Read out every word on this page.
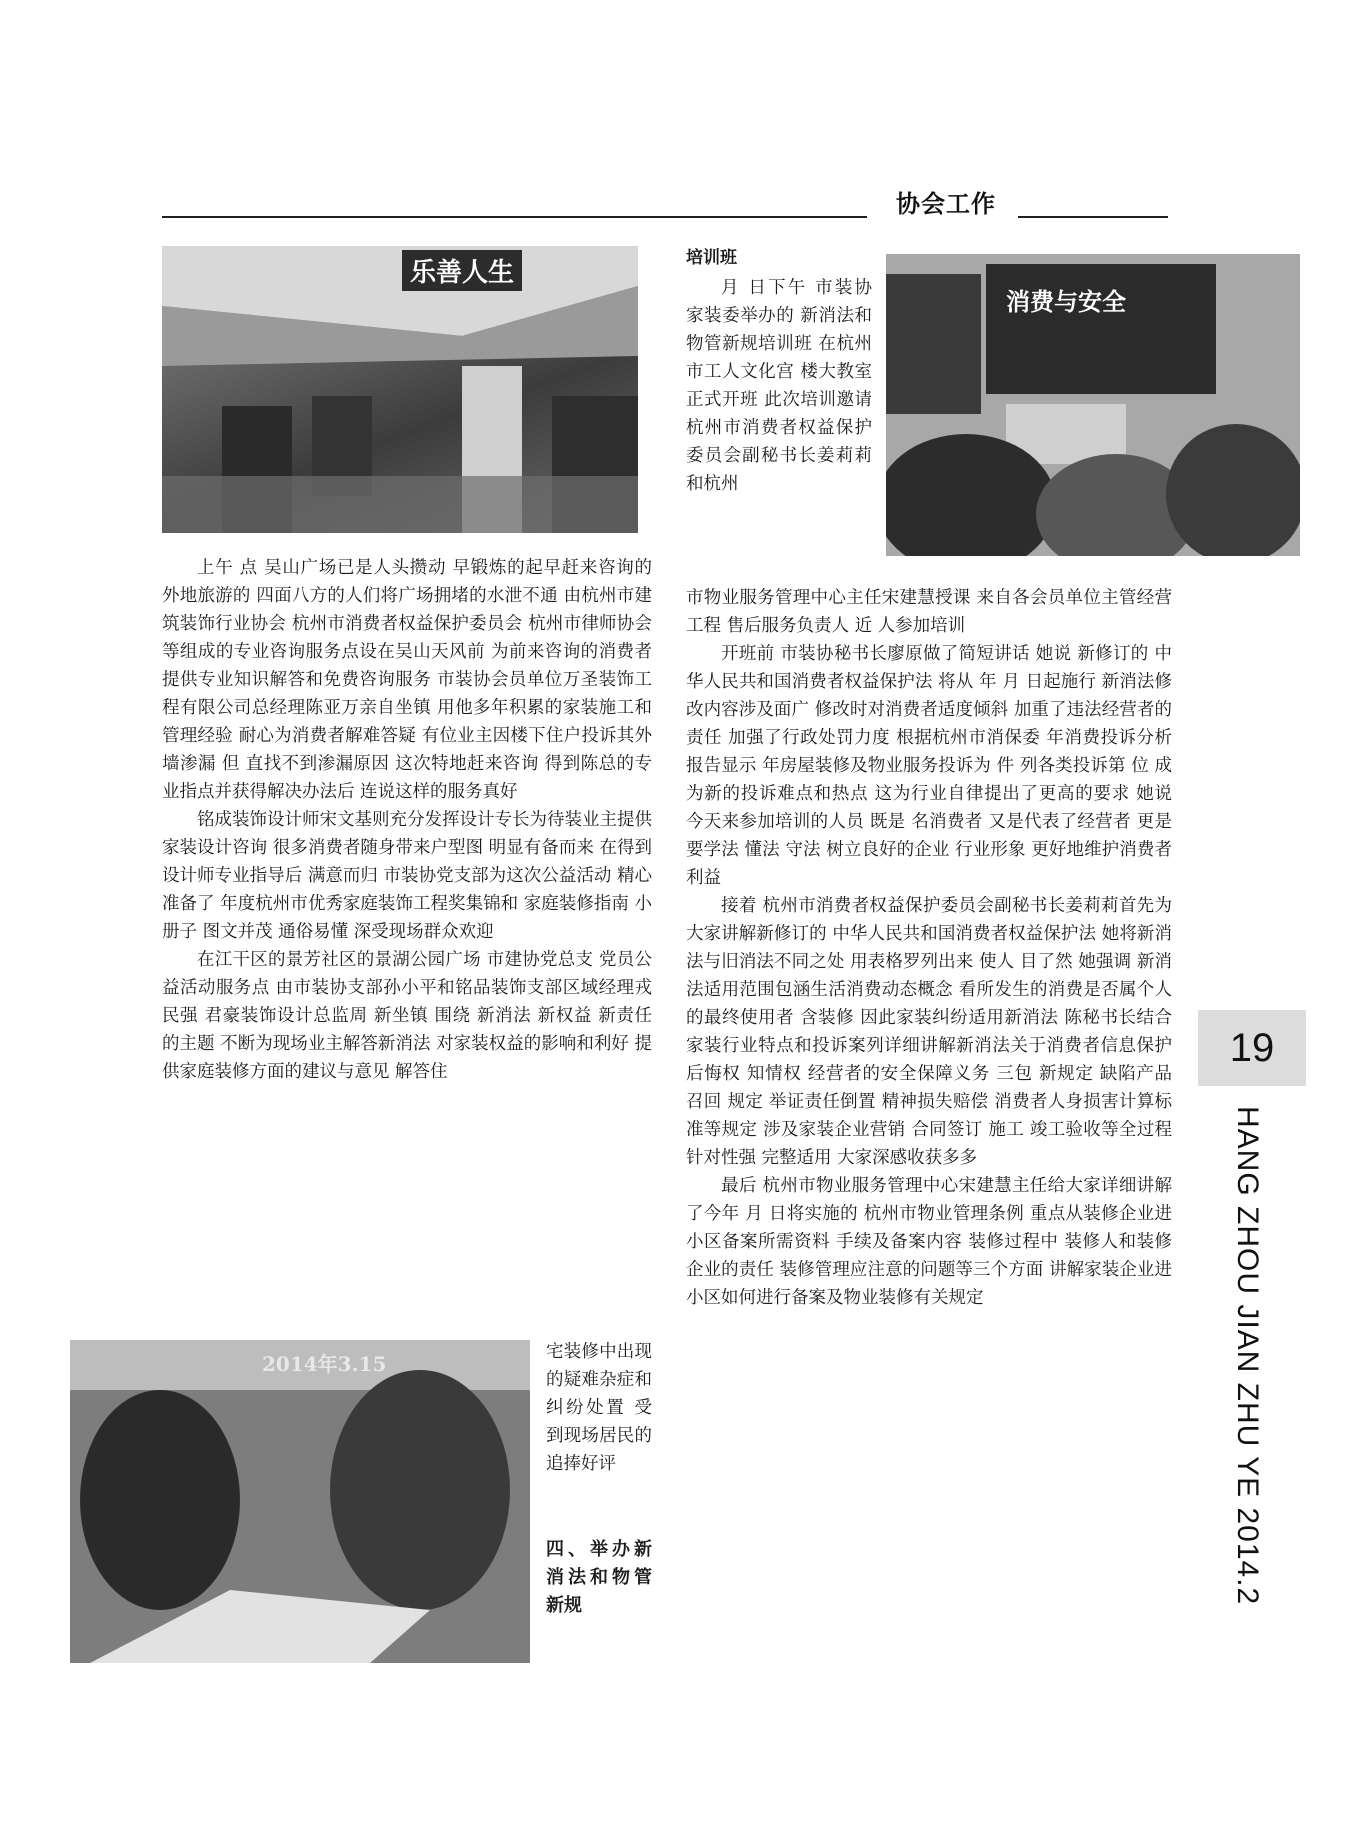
协会工作
乐善人生
消费与安全
2014年3.15

上午 点 吴山广场已是人头攒动 早锻炼的起早赶来咨询的 外地旅游的 四面八方的人们将广场拥堵的水泄不通 由杭州市建筑装饰行业协会 杭州市消费者权益保护委员会 杭州市律师协会等组成的专业咨询服务点设在吴山天风前 为前来咨询的消费者提供专业知识解答和免费咨询服务 市装协会员单位万圣装饰工程有限公司总经理陈亚万亲自坐镇 用他多年积累的家装施工和管理经验 耐心为消费者解难答疑 有位业主因楼下住户投诉其外墙渗漏 但 直找不到渗漏原因 这次特地赶来咨询 得到陈总的专业指点并获得解决办法后 连说这样的服务真好

铭成装饰设计师宋文基则充分发挥设计专长为待装业主提供家装设计咨询 很多消费者随身带来户型图 明显有备而来 在得到设计师专业指导后 满意而归 市装协党支部为这次公益活动 精心准备了 年度杭州市优秀家庭装饰工程奖集锦和 家庭装修指南 小册子 图文并茂 通俗易懂 深受现场群众欢迎

在江干区的景芳社区的景湖公园广场 市建协党总支 党员公益活动服务点 由市装协支部孙小平和铭品装饰支部区域经理戎民强 君豪装饰设计总监周 新坐镇 围绕 新消法 新权益 新责任 的主题 不断为现场业主解答新消法 对家装权益的影响和利好 提供家庭装修方面的建议与意见 解答住

宅装修中出现的疑难杂症和纠纷处置 受到现场居民的追捧好评

四、举办新消法和物管新规
培训班

月 日下午 市装协家装委举办的 新消法和物管新规培训班 在杭州市工人文化宫 楼大教室正式开班 此次培训邀请杭州市消费者权益保护委员会副秘书长姜莉莉和杭州

市物业服务管理中心主任宋建慧授课 来自各会员单位主管经营 工程 售后服务负责人 近 人参加培训

开班前 市装协秘书长廖原做了简短讲话 她说 新修订的 中华人民共和国消费者权益保护法 将从 年 月 日起施行 新消法修改内容涉及面广 修改时对消费者适度倾斜 加重了违法经营者的责任 加强了行政处罚力度 根据杭州市消保委 年消费投诉分析报告显示 年房屋装修及物业服务投诉为 件 列各类投诉第 位 成为新的投诉难点和热点 这为行业自律提出了更高的要求 她说 今天来参加培训的人员 既是 名消费者 又是代表了经营者 更是要学法 懂法 守法 树立良好的企业 行业形象 更好地维护消费者利益

接着 杭州市消费者权益保护委员会副秘书长姜莉莉首先为大家讲解新修订的 中华人民共和国消费者权益保护法 她将新消法与旧消法不同之处 用表格罗列出来 使人 目了然 她强调 新消法适用范围包涵生活消费动态概念 看所发生的消费是否属个人的最终使用者 含装修 因此家装纠纷适用新消法 陈秘书长结合家装行业特点和投诉案列详细讲解新消法关于消费者信息保护 后悔权 知情权 经营者的安全保障义务 三包 新规定 缺陷产品 召回 规定 举证责任倒置 精神损失赔偿 消费者人身损害计算标准等规定 涉及家装企业营销 合同签订 施工 竣工验收等全过程 针对性强 完整适用 大家深感收获多多

最后 杭州市物业服务管理中心宋建慧主任给大家详细讲解了今年 月 日将实施的 杭州市物业管理条例 重点从装修企业进小区备案所需资料 手续及备案内容 装修过程中 装修人和装修企业的责任 装修管理应注意的问题等三个方面 讲解家装企业进小区如何进行备案及物业装修有关规定

19
HANG ZHOU JIAN ZHU YE 2014.2
